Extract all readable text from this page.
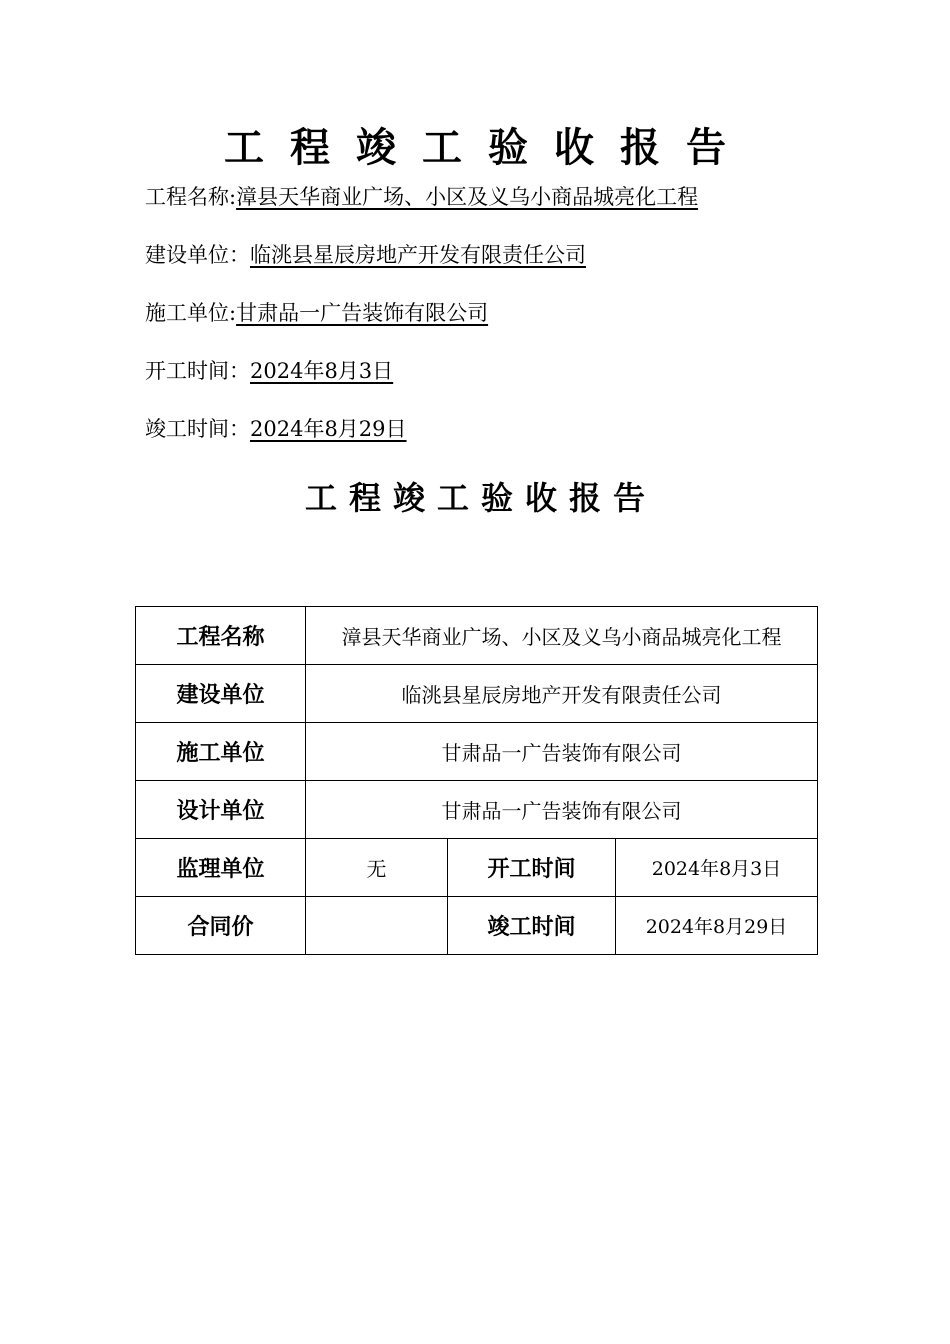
工程竣工验收报告
工程名称:漳县天华商业广场、小区及义乌小商品城亮化工程
建设单位：临洮县星辰房地产开发有限责任公司
施工单位:甘肃品一广告装饰有限公司
开工时间：2024年8月3日
竣工时间：2024年8月29日
工程竣工验收报告
工程名称	漳县天华商业广场、小区及义乌小商品城亮化工程		
建设单位	临洮县星辰房地产开发有限责任公司		
施工单位	甘肃品一广告装饰有限公司		
设计单位	甘肃品一广告装饰有限公司		
监理单位	无	开工时间	2024年8月3日
合同价		竣工时间	2024年8月29日
